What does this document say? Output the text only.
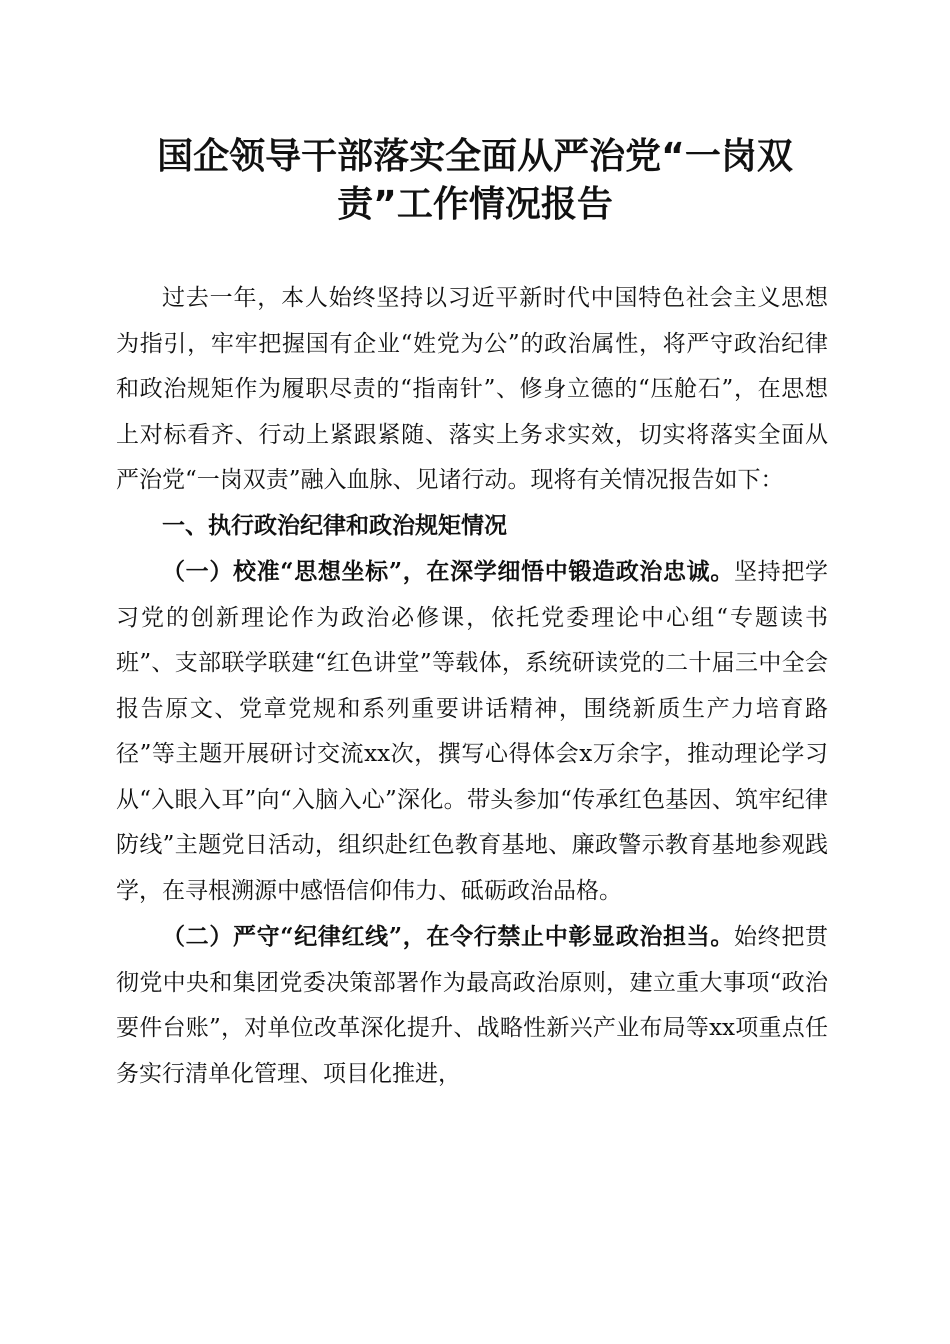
国企领导干部落实全面从严治党“一岗双
责”工作情况报告

过去一年，本人始终坚持以习近平新时代中国特色社会主义思想为指引，牢牢把握国有企业“姓党为公”的政治属性，将严守政治纪律和政治规矩作为履职尽责的“指南针”、修身立德的“压舱石”，在思想上对标看齐、行动上紧跟紧随、落实上务求实效，切实将落实全面从严治党“一岗双责”融入血脉、见诸行动。现将有关情况报告如下：

一、执行政治纪律和政治规矩情况

（一）校准“思想坐标”，在深学细悟中锻造政治忠诚。坚持把学习党的创新理论作为政治必修课，依托党委理论中心组“专题读书班”、支部联学联建“红色讲堂”等载体，系统研读党的二十届三中全会报告原文、党章党规和系列重要讲话精神，围绕新质生产力培育路径”等主题开展研讨交流xx次，撰写心得体会x万余字，推动理论学习从“入眼入耳”向“入脑入心”深化。带头参加“传承红色基因、筑牢纪律防线”主题党日活动，组织赴红色教育基地、廉政警示教育基地参观践学，在寻根溯源中感悟信仰伟力、砥砺政治品格。

（二）严守“纪律红线”，在令行禁止中彰显政治担当。始终把贯彻党中央和集团党委决策部署作为最高政治原则，建立重大事项“政治要件台账”，对单位改革深化提升、战略性新兴产业布局等xx项重点任务实行清单化管理、项目化推进，
